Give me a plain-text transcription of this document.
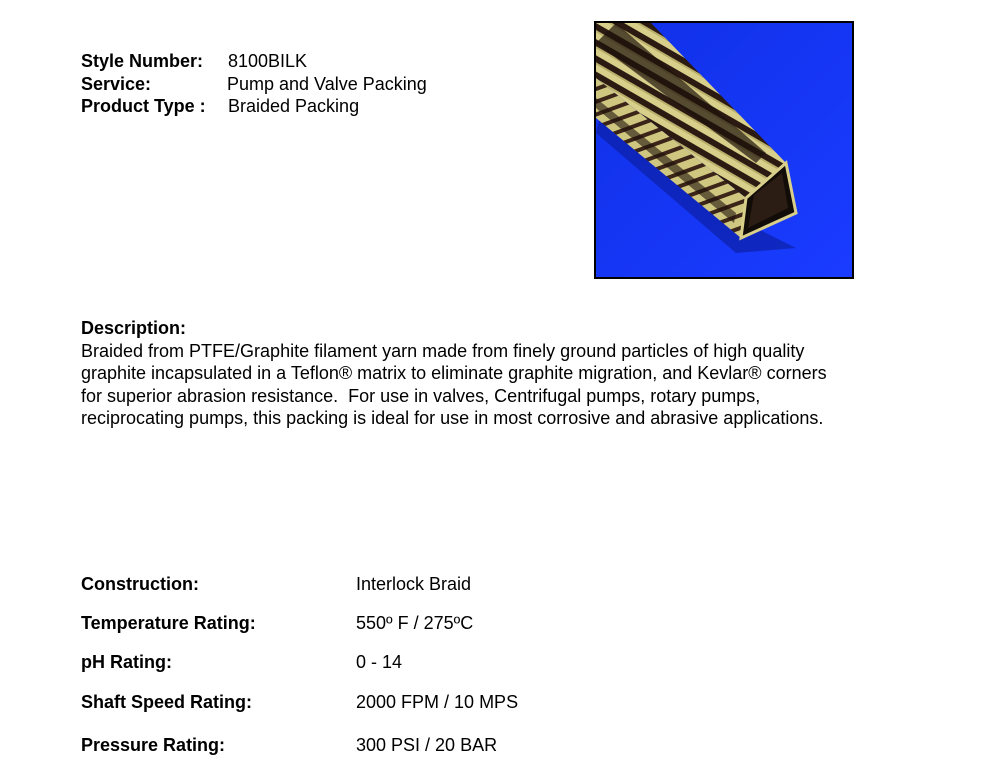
Style Number: 8100BILK
Service:	Pump and Valve Packing
Product Type : Braided Packing
Description:
Braided from PTFE/Graphite filament yarn made from finely ground particles of high quality
graphite incapsulated in a Teflon® matrix to eliminate graphite migration, and Kevlar® corners
for superior abrasion resistance.  For use in valves, Centrifugal pumps, rotary pumps,
reciprocating pumps, this packing is ideal for use in most corrosive and abrasive applications.
Construction:	Interlock Braid
Temperature Rating:	550º F / 275ºC
pH Rating:	0 - 14
Shaft Speed Rating:	2000 FPM / 10 MPS
Pressure Rating:	300 PSI / 20 BAR
